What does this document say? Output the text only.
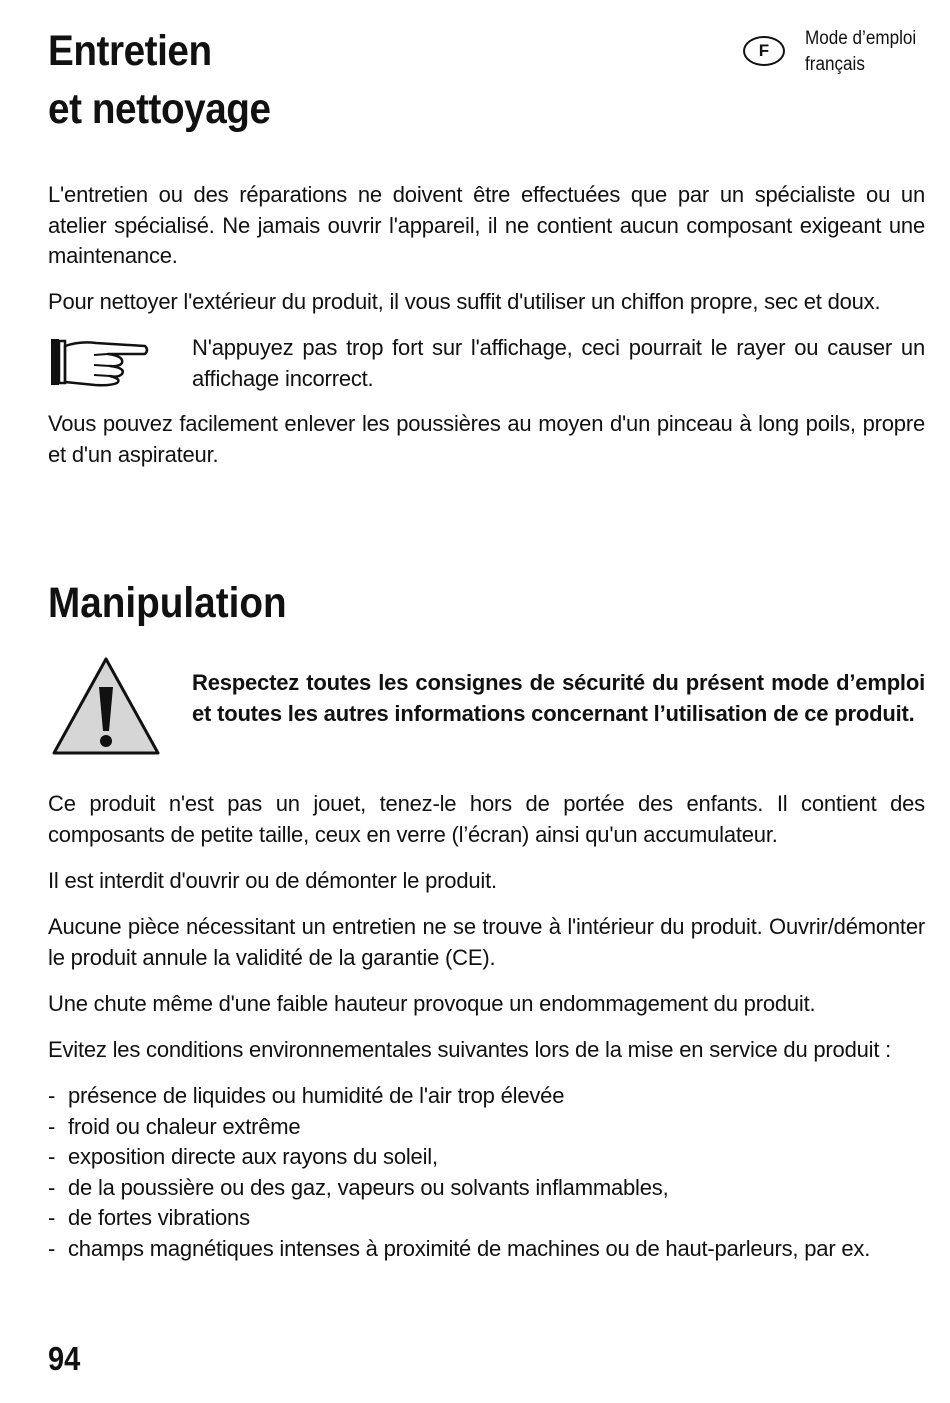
Entretien
et nettoyage
F
Mode d’emploi
français

L'entretien ou des réparations ne doivent être effectuées que par un spécialiste ou un atelier spécialisé. Ne jamais ouvrir l'appareil, il ne contient aucun composant exigeant une maintenance.

Pour nettoyer l'extérieur du produit, il vous suffit d'utiliser un chiffon propre, sec et doux.

N'appuyez pas trop fort sur l'affichage, ceci pourrait le rayer ou causer un affichage incorrect.

Vous pouvez facilement enlever les poussières au moyen d'un pinceau à long poils, propre et d'un aspirateur.

Manipulation

Respectez toutes les consignes de sécurité du présent mode d’emploi et toutes les autres informations concernant l’utilisation de ce produit.

Ce produit n'est pas un jouet, tenez-le hors de portée des enfants. Il contient des composants de petite taille, ceux en verre (l’écran) ainsi qu'un accumulateur.

Il est interdit d'ouvrir ou de démonter le produit.

Aucune pièce nécessitant un entretien ne se trouve à l'intérieur du produit. Ouvrir/démonter le produit annule la validité de la garantie (CE).

Une chute même d'une faible hauteur provoque un endommagement du produit.

Evitez les conditions environnementales suivantes lors de la mise en service du produit :

- présence de liquides ou humidité de l'air trop élevée
- froid ou chaleur extrême
- exposition directe aux rayons du soleil,
- de la poussière ou des gaz, vapeurs ou solvants inflammables,
- de fortes vibrations
- champs magnétiques intenses à proximité de machines ou de haut-parleurs, par ex.
94
